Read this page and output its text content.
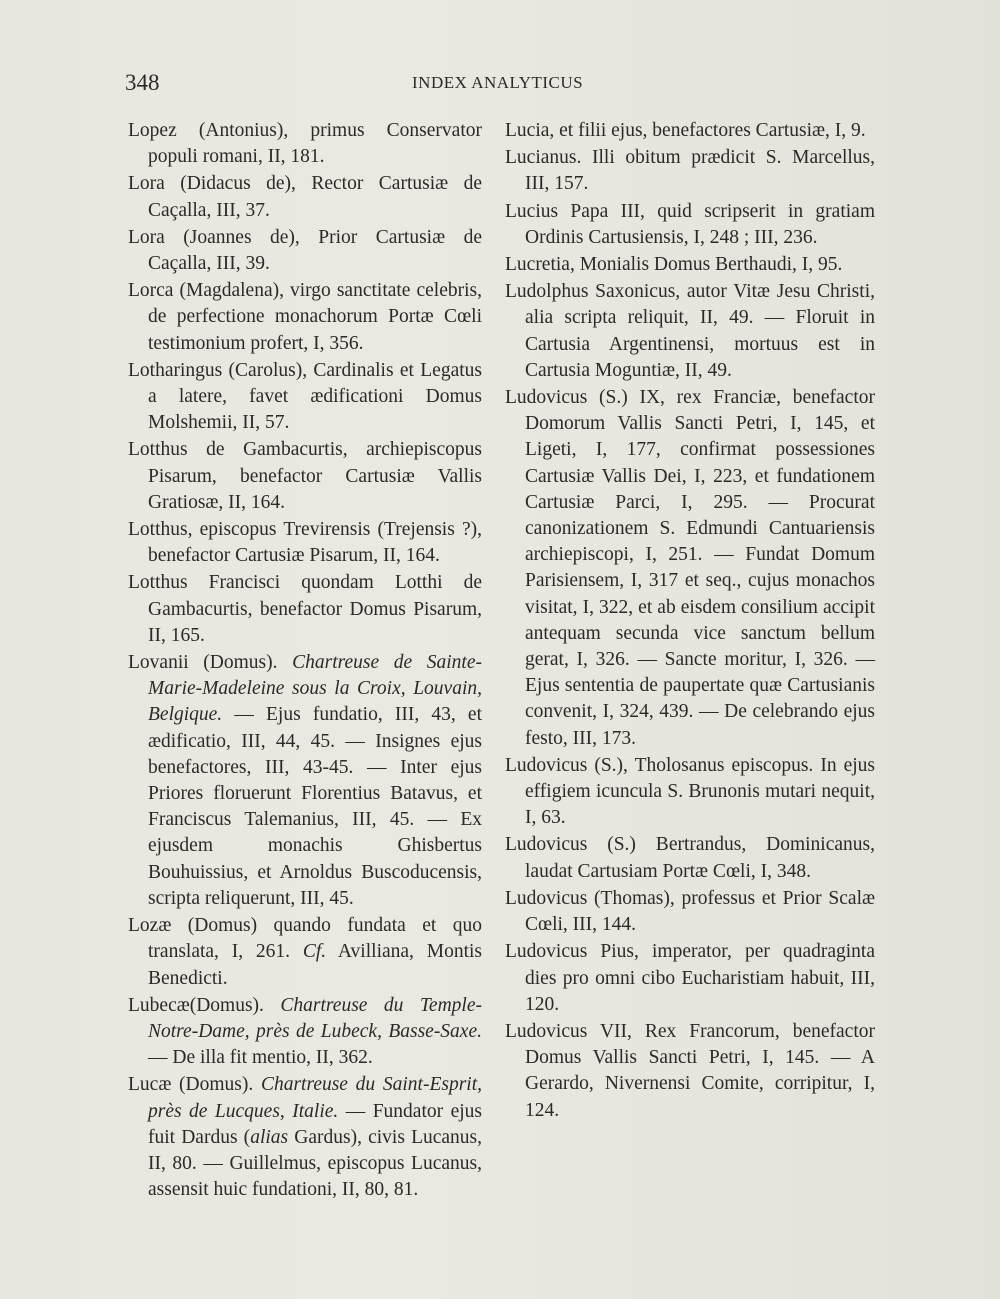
348	INDEX ANALYTICUS

Lopez (Antonius), primus Conservator populi romani, II, 181.

Lora (Didacus de), Rector Cartusiæ de Caçalla, III, 37.

Lora (Joannes de), Prior Cartusiæ de Caçalla, III, 39.

Lorca (Magdalena), virgo sanctitate celebris, de perfectione monachorum Portæ Cœli testimonium profert, I, 356.

Lotharingus (Carolus), Cardinalis et Legatus a latere, favet ædificationi Domus Molshemii, II, 57.

Lotthus de Gambacurtis, archiepiscopus Pisarum, benefactor Cartusiæ Vallis Gratiosæ, II, 164.

Lotthus, episcopus Trevirensis (Trejensis ?), benefactor Cartusiæ Pisarum, II, 164.

Lotthus Francisci quondam Lotthi de Gambacurtis, benefactor Domus Pisarum, II, 165.

Lovanii (Domus). Chartreuse de Sainte-Marie-Madeleine sous la Croix, Louvain, Belgique. — Ejus fundatio, III, 43, et ædificatio, III, 44, 45. — Insignes ejus benefactores, III, 43-45. — Inter ejus Priores floruerunt Florentius Batavus, et Franciscus Talemanius, III, 45. — Ex ejusdem monachis Ghisbertus Bouhuissius, et Arnoldus Buscoducensis, scripta reliquerunt, III, 45.

Lozæ (Domus) quando fundata et quo translata, I, 261. Cf. Avilliana, Montis Benedicti.

Lubecæ(Domus). Chartreuse du Temple-Notre-Dame, près de Lubeck, Basse-Saxe. — De illa fit mentio, II, 362.

Lucæ (Domus). Chartreuse du Saint-Esprit, près de Lucques, Italie. — Fundator ejus fuit Dardus (alias Gardus), civis Lucanus, II, 80. — Guillelmus, episcopus Lucanus, assensit huic fundationi, II, 80, 81.

Lucia, et filii ejus, benefactores Cartusiæ, I, 9.

Lucianus. Illi obitum prædicit S. Marcellus, III, 157.

Lucius Papa III, quid scripserit in gratiam Ordinis Cartusiensis, I, 248 ; III, 236.

Lucretia, Monialis Domus Berthaudi, I, 95.

Ludolphus Saxonicus, autor Vitæ Jesu Christi, alia scripta reliquit, II, 49. — Floruit in Cartusia Argentinensi, mortuus est in Cartusia Moguntiæ, II, 49.

Ludovicus (S.) IX, rex Franciæ, benefactor Domorum Vallis Sancti Petri, I, 145, et Ligeti, I, 177, confirmat possessiones Cartusiæ Vallis Dei, I, 223, et fundationem Cartusiæ Parci, I, 295. — Procurat canonizationem S. Edmundi Cantuariensis archiepiscopi, I, 251. — Fundat Domum Parisiensem, I, 317 et seq., cujus monachos visitat, I, 322, et ab eisdem consilium accipit antequam secunda vice sanctum bellum gerat, I, 326. — Sancte moritur, I, 326. — Ejus sententia de paupertate quæ Cartusianis convenit, I, 324, 439. — De celebrando ejus festo, III, 173.

Ludovicus (S.), Tholosanus episcopus. In ejus effigiem icuncula S. Brunonis mutari nequit, I, 63.

Ludovicus (S.) Bertrandus, Dominicanus, laudat Cartusiam Portæ Cœli, I, 348.

Ludovicus (Thomas), professus et Prior Scalæ Cœli, III, 144.

Ludovicus Pius, imperator, per quadraginta dies pro omni cibo Eucharistiam habuit, III, 120.

Ludovicus VII, Rex Francorum, benefactor Domus Vallis Sancti Petri, I, 145. — A Gerardo, Nivernensi Comite, corripitur, I, 124.
